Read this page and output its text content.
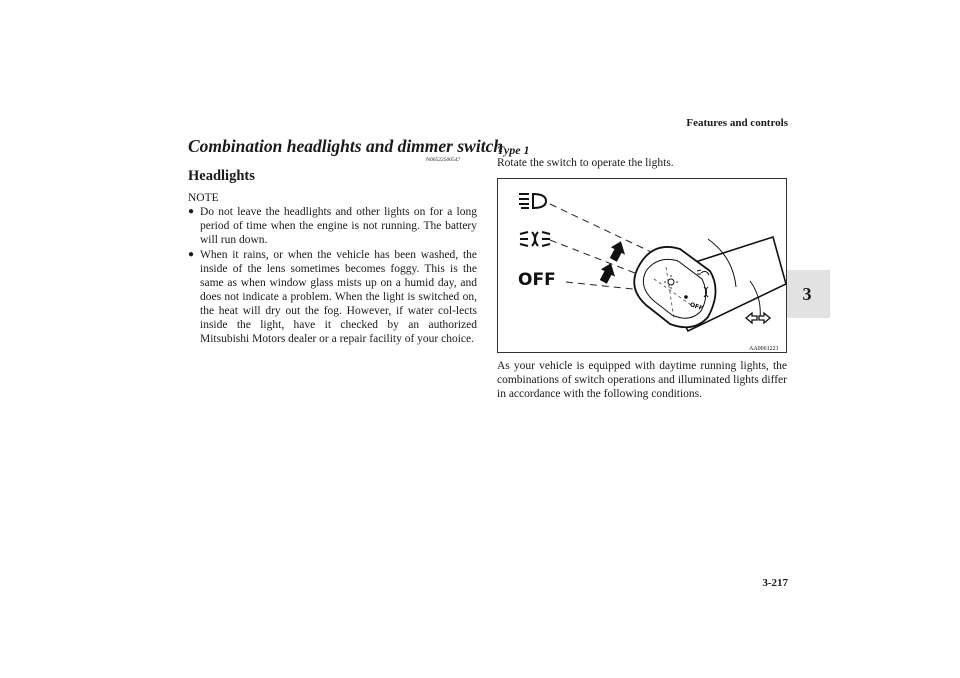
Features and controls
3
Combination headlights and dimmer switch
N00522500547
Headlights
NOTE
● Do not leave the headlights and other lights on for a long period of time when the engine is not running. The battery will run down.
● When it rains, or when the vehicle has been washed, the inside of the lens sometimes becomes foggy. This is the same as when window glass mists up on a humid day, and does not indicate a problem. When the light is switched on, the heat will dry out the fog. However, if water col-lects inside the light, have it checked by an authorized Mitsubishi Motors dealer or a repair facility of your choice.
Type 1
Rotate the switch to operate the lights.
OFF
OFF
AA0061221
As your vehicle is equipped with daytime running lights, the combinations of switch operations and illuminated lights differ in accordance with the following conditions.
3-217
